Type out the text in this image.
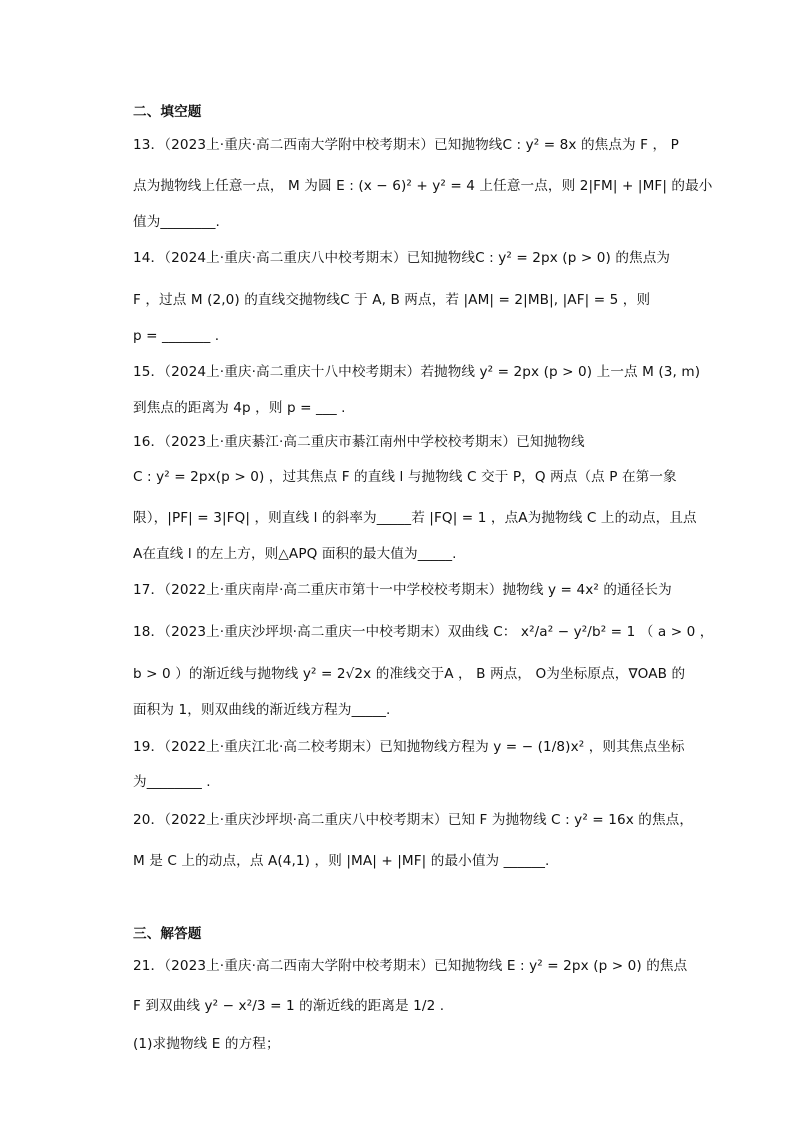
二、填空题
13．（2023上·重庆·高二西南大学附中校考期末）已知抛物线C : y² = 8x 的焦点为 F ， P
点为抛物线上任意一点， M 为圆 E : (x − 6)² + y² = 4 上任意一点，则 2|FM| + |MF| 的最小
值为________.
14．（2024上·重庆·高二重庆八中校考期末）已知抛物线C : y² = 2px (p > 0) 的焦点为
F ，过点 M (2,0) 的直线交抛物线C 于 A, B 两点，若 |AM| = 2|MB|, |AF| = 5 ，则
p = _______ .
15．（2024上·重庆·高二重庆十八中校考期末）若抛物线 y² = 2px (p > 0) 上一点 M (3, m)
到焦点的距离为 4p ，则 p = ___ .
16．（2023上·重庆綦江·高二重庆市綦江南州中学校校考期末）已知抛物线
C : y² = 2px(p > 0) ，过其焦点 F 的直线 l 与抛物线 C 交于 P，Q 两点（点 P 在第一象
限），|PF| = 3|FQ| ，则直线 l 的斜率为_____若 |FQ| = 1 ，点A为抛物线 C 上的动点，且点
A在直线 l 的左上方，则△APQ 面积的最大值为_____.
17．（2022上·重庆南岸·高二重庆市第十一中学校校考期末）抛物线 y = 4x² 的通径长为
18．（2023上·重庆沙坪坝·高二重庆一中校考期末）双曲线 C： x²/a² − y²/b² = 1 （ a > 0 ，
b > 0 ）的渐近线与抛物线 y² = 2√2x 的准线交于A ， B 两点， O为坐标原点，∇OAB 的
面积为 1，则双曲线的渐近线方程为_____.
19．（2022上·重庆江北·高二校考期末）已知抛物线方程为 y = − (1/8)x² ，则其焦点坐标
为________ .
20．（2022上·重庆沙坪坝·高二重庆八中校考期末）已知 F 为抛物线 C : y² = 16x 的焦点，
M 是 C 上的动点，点 A(4,1) ，则 |MA| + |MF| 的最小值为 ______.
三、解答题
21．（2023上·重庆·高二西南大学附中校考期末）已知抛物线 E : y² = 2px (p > 0) 的焦点
F 到双曲线 y² − x²/3 = 1 的渐近线的距离是 1/2 .
(1)求抛物线 E 的方程；
